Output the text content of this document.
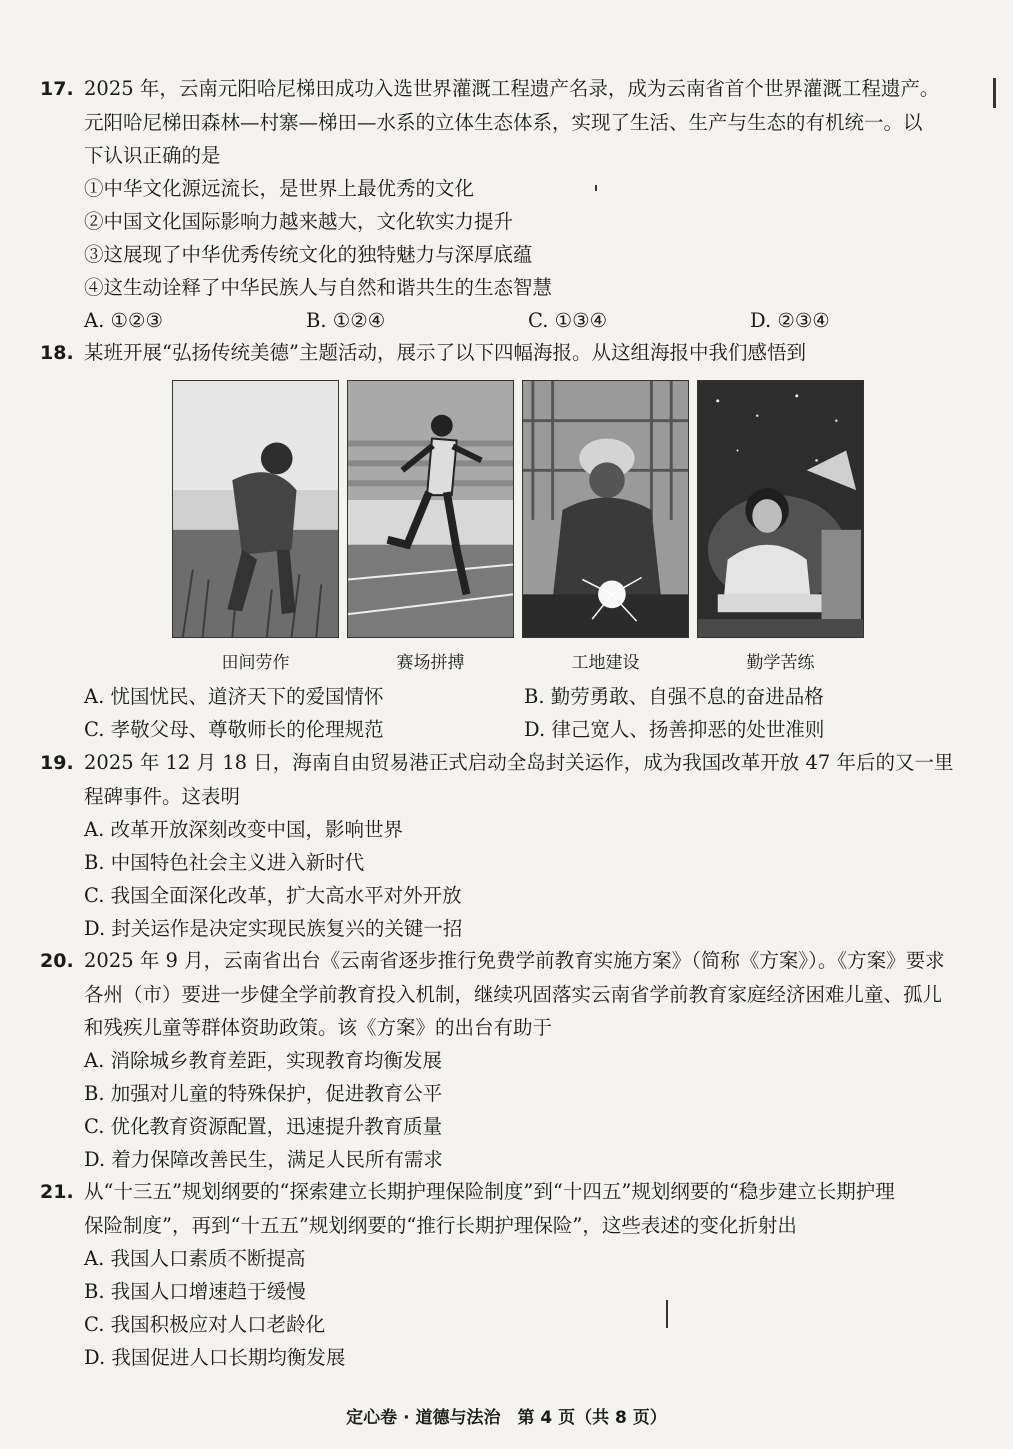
17. 2025 年，云南元阳哈尼梯田成功入选世界灌溉工程遗产名录，成为云南省首个世界灌溉工程遗产。
元阳哈尼梯田森林—村寨—梯田—水系的立体生态体系，实现了生活、生产与生态的有机统一。以
下认识正确的是
①中华文化源远流长，是世界上最优秀的文化
②中国文化国际影响力越来越大，文化软实力提升
③这展现了中华优秀传统文化的独特魅力与深厚底蕴
④这生动诠释了中华民族人与自然和谐共生的生态智慧
A. ①②③	B. ①②④	C. ①③④	D. ②③④
18. 某班开展“弘扬传统美德”主题活动，展示了以下四幅海报。从这组海报中我们感悟到
田间劳作	赛场拼搏	工地建设	勤学苦练
A. 忧国忧民、道济天下的爱国情怀	B. 勤劳勇敢、自强不息的奋进品格
C. 孝敬父母、尊敬师长的伦理规范	D. 律己宽人、扬善抑恶的处世准则
19. 2025 年 12 月 18 日，海南自由贸易港正式启动全岛封关运作，成为我国改革开放 47 年后的又一里
程碑事件。这表明
A. 改革开放深刻改变中国，影响世界
B. 中国特色社会主义进入新时代
C. 我国全面深化改革，扩大高水平对外开放
D. 封关运作是决定实现民族复兴的关键一招
20. 2025 年 9 月，云南省出台《云南省逐步推行免费学前教育实施方案》（简称《方案》）。《方案》要求
各州（市）要进一步健全学前教育投入机制，继续巩固落实云南省学前教育家庭经济困难儿童、孤儿
和残疾儿童等群体资助政策。该《方案》的出台有助于
A. 消除城乡教育差距，实现教育均衡发展
B. 加强对儿童的特殊保护，促进教育公平
C. 优化教育资源配置，迅速提升教育质量
D. 着力保障改善民生，满足人民所有需求
21. 从“十三五”规划纲要的“探索建立长期护理保险制度”到“十四五”规划纲要的“稳步建立长期护理
保险制度”，再到“十五五”规划纲要的“推行长期护理保险”，这些表述的变化折射出
A. 我国人口素质不断提高
B. 我国人口增速趋于缓慢
C. 我国积极应对人口老龄化
D. 我国促进人口长期均衡发展
定心卷 · 道德与法治　第 4 页（共 8 页）
